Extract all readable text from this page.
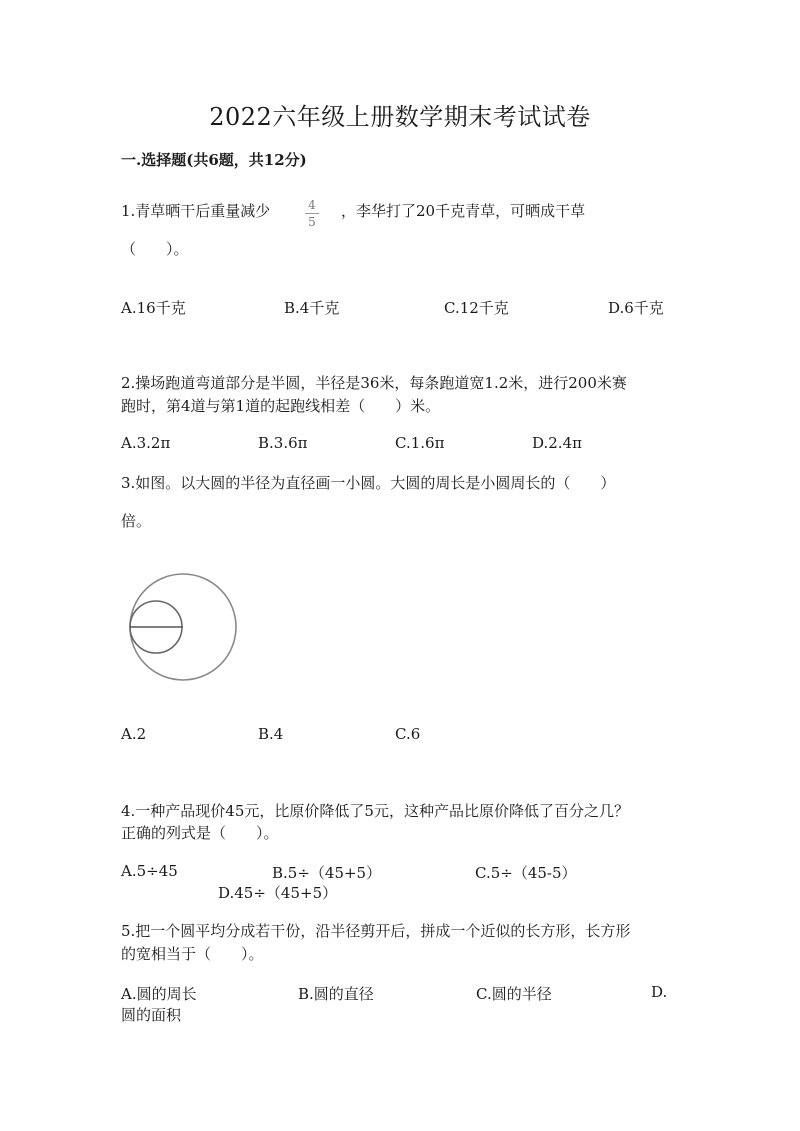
2022六年级上册数学期末考试试卷
一.选择题(共6题，共12分)
1.青草晒干后重量减少	4
5
，李华打了20千克青草，可晒成干草
（　　）。
A.16千克	B.4千克	C.12千克	D.6千克
2.操场跑道弯道部分是半圆，半径是36米，每条跑道宽1.2米，进行200米赛
跑时，第4道与第1道的起跑线相差（　　）米。
A.3.2π	B.3.6π	C.1.6π	D.2.4π
3.如图。以大圆的半径为直径画一小圆。大圆的周长是小圆周长的（　　）
倍。
A.2	B.4	C.6
4.一种产品现价45元，比原价降低了5元，这种产品比原价降低了百分之几？
正确的列式是（　　）。
A.5÷45	B.5÷（45+5）	C.5÷（45-5）
D.45÷（45+5）
5.把一个圆平均分成若干份，沿半径剪开后，拼成一个近似的长方形，长方形
的宽相当于（　　）。
A.圆的周长	B.圆的直径	C.圆的半径	D.
圆的面积
